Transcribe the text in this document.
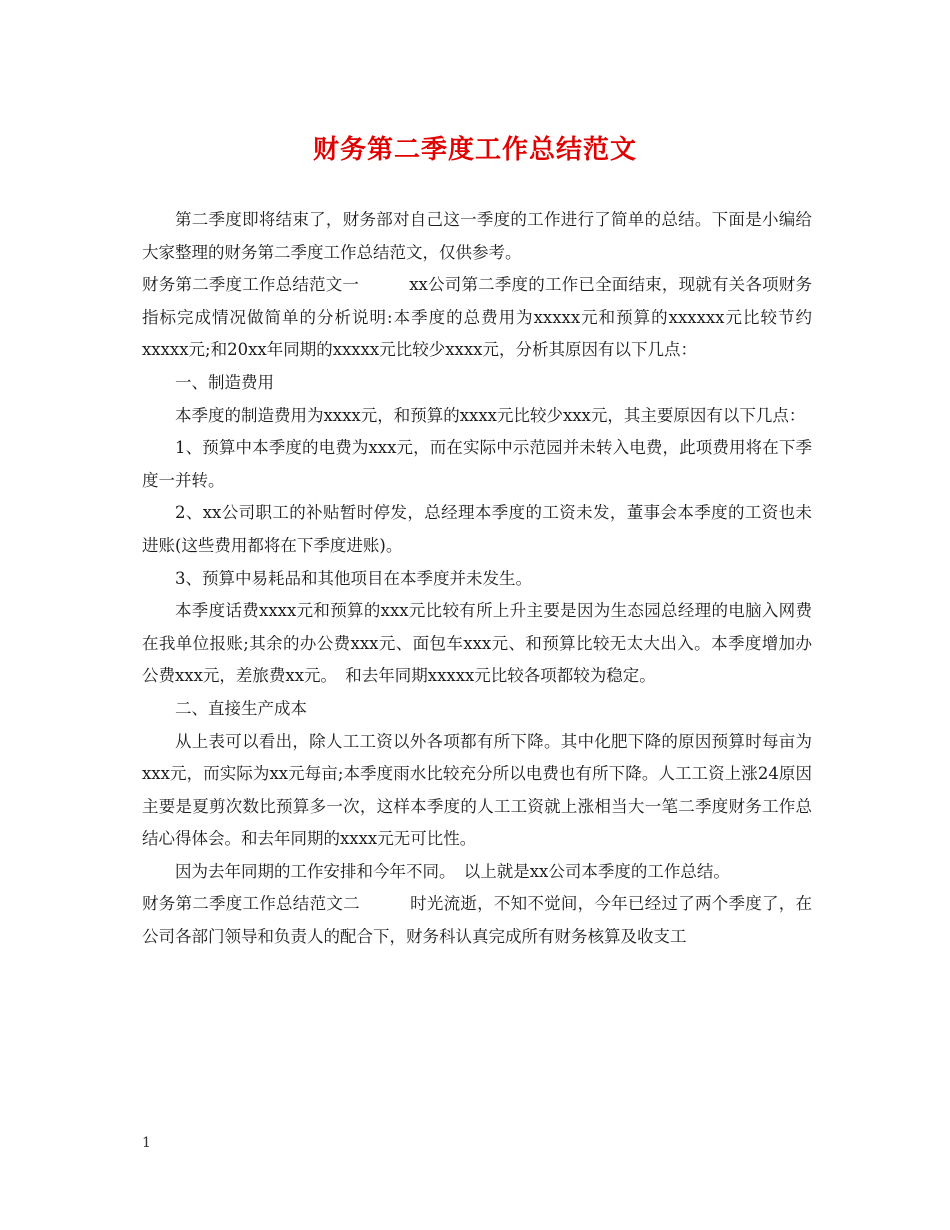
财务第二季度工作总结范文

第二季度即将结束了，财务部对自己这一季度的工作进行了简单的总结。下面是小编给大家整理的财务第二季度工作总结范文，仅供参考。

财务第二季度工作总结范文一　　　xx公司第二季度的工作已全面结束，现就有关各项财务指标完成情况做简单的分析说明:本季度的总费用为xxxxx元和预算的xxxxxx元比较节约xxxxx元;和20xx年同期的xxxxx元比较少xxxx元，分析其原因有以下几点：

一、制造费用

本季度的制造费用为xxxx元，和预算的xxxx元比较少xxx元，其主要原因有以下几点：

1、预算中本季度的电费为xxx元，而在实际中示范园并未转入电费，此项费用将在下季度一并转。

2、xx公司职工的补贴暂时停发，总经理本季度的工资未发，董事会本季度的工资也未进账(这些费用都将在下季度进账)。

3、预算中易耗品和其他项目在本季度并未发生。

本季度话费xxxx元和预算的xxx元比较有所上升主要是因为生态园总经理的电脑入网费在我单位报账;其余的办公费xxx元、面包车xxx元、和预算比较无太大出入。本季度增加办公费xxx元，差旅费xx元。　和去年同期xxxxx元比较各项都较为稳定。

二、直接生产成本

从上表可以看出，除人工工资以外各项都有所下降。其中化肥下降的原因预算时每亩为xxx元，而实际为xx元每亩;本季度雨水比较充分所以电费也有所下降。人工工资上涨24原因主要是夏剪次数比预算多一次，这样本季度的人工工资就上涨相当大一笔二季度财务工作总结心得体会。和去年同期的xxxx元无可比性。

因为去年同期的工作安排和今年不同。　以上就是xx公司本季度的工作总结。

财务第二季度工作总结范文二　　　时光流逝，不知不觉间，今年已经过了两个季度了，在公司各部门领导和负责人的配合下，财务科认真完成所有财务核算及收支工

1
